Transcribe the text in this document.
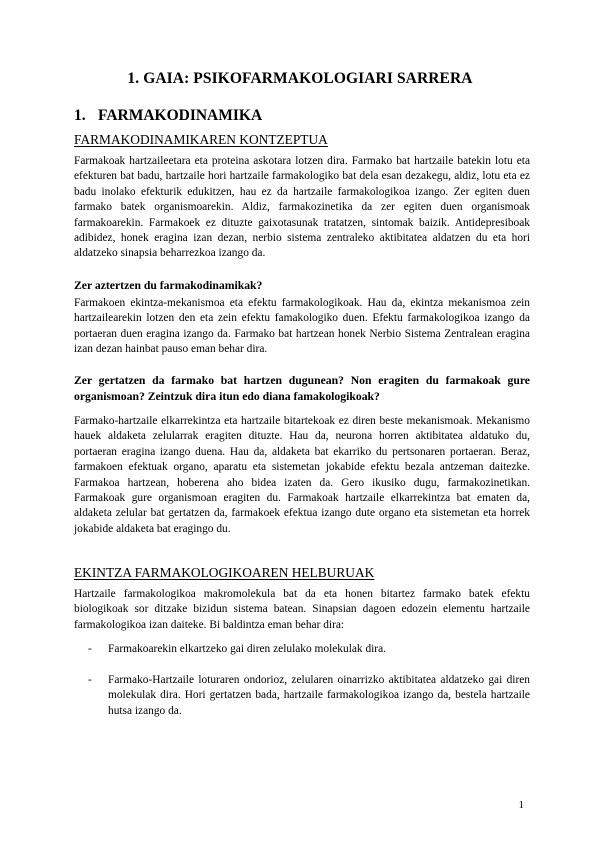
1. GAIA: PSIKOFARMAKOLOGIARI SARRERA
1. FARMAKODINAMIKA
FARMAKODINAMIKAREN KONTZEPTUA
Farmakoak hartzaileetara eta proteina askotara lotzen dira. Farmako bat hartzaile batekin lotu eta efekturen bat badu, hartzaile hori hartzaile farmakologiko bat dela esan dezakegu, aldiz, lotu eta ez badu inolako efekturik edukitzen, hau ez da hartzaile farmakologikoa izango. Zer egiten duen farmako batek organismoarekin. Aldiz, farmakozinetika da zer egiten duen organismoak farmakoarekin. Farmakoek ez dituzte gaixotasunak tratatzen, sintomak baizik. Antidepresiboak adibidez, honek eragina izan dezan, nerbio sistema zentraleko aktibitatea aldatzen du eta hori aldatzeko sinapsia beharrezkoa izango da.
Zer aztertzen du farmakodinamikak?
Farmakoen ekintza-mekanismoa eta efektu farmakologikoak. Hau da, ekintza mekanismoa zein hartzailearekin lotzen den eta zein efektu famakologiko duen. Efektu farmakologikoa izango da portaeran duen eragina izango da. Farmako bat hartzean honek Nerbio Sistema Zentralean eragina izan dezan hainbat pauso eman behar dira.
Zer gertatzen da farmako bat hartzen dugunean? Non eragiten du farmakoak gure organismoan? Zeintzuk dira itun edo diana famakologikoak?
Farmako-hartzaile elkarrekintza eta hartzaile bitartekoak ez diren beste mekanismoak. Mekanismo hauek aldaketa zelularrak eragiten dituzte. Hau da, neurona horren aktibitatea aldatuko du, portaeran eragina izango duena. Hau da, aldaketa bat ekarriko du pertsonaren portaeran. Beraz, farmakoen efektuak organo, aparatu eta sistemetan jokabide efektu bezala antzeman daitezke. Farmakoa hartzean, hoberena aho bidea izaten da. Gero ikusiko dugu, farmakozinetikan. Farmakoak gure organismoan eragiten du. Farmakoak hartzaile elkarrekintza bat ematen da, aldaketa zelular bat gertatzen da, farmakoek efektua izango dute organo eta sistemetan eta horrek jokabide aldaketa bat eragingo du.
EKINTZA FARMAKOLOGIKOAREN HELBURUAK
Hartzaile farmakologikoa makromolekula bat da eta honen bitartez farmako batek efektu biologikoak sor ditzake bizidun sistema batean. Sinapsian dagoen edozein elementu hartzaile farmakologikoa izan daiteke. Bi baldintza eman behar dira:
- Farmakoarekin elkartzeko gai diren zelulako molekulak dira.
- Farmako-Hartzaile loturaren ondorioz, zelularen oinarrizko aktibitatea aldatzeko gai diren molekulak dira. Hori gertatzen bada, hartzaile farmakologikoa izango da, bestela hartzaile hutsa izango da.
1
